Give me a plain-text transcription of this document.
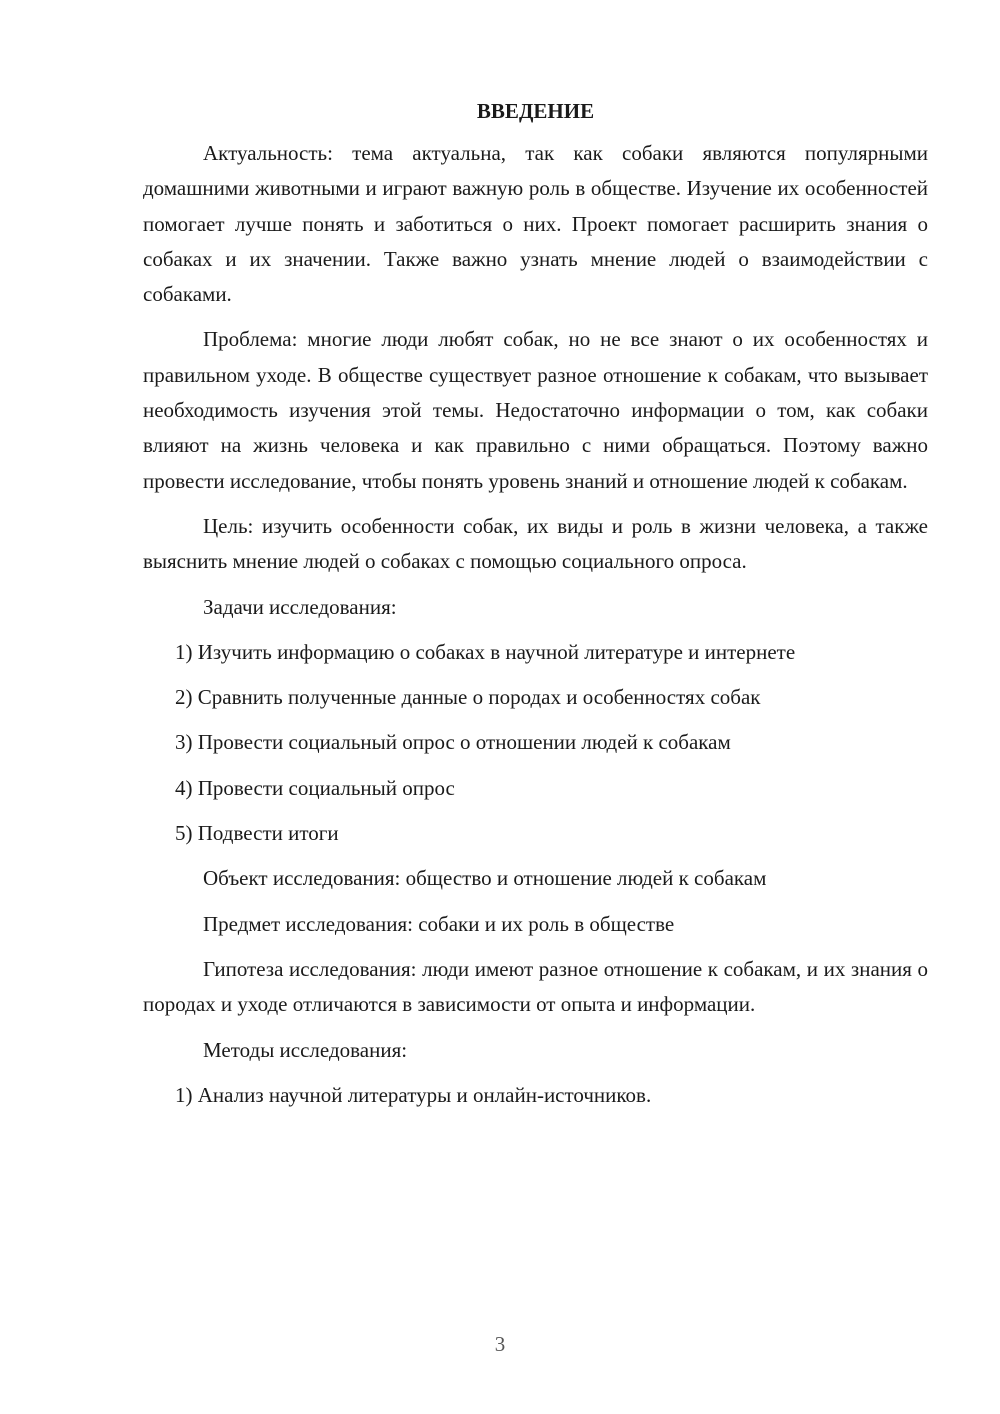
ВВЕДЕНИЕ

Актуальность: тема актуальна, так как собаки являются популярными домашними животными и играют важную роль в обществе. Изучение их особенностей помогает лучше понять и заботиться о них. Проект помогает расширить знания о собаках и их значении. Также важно узнать мнение людей о взаимодействии с собаками.

Проблема: многие люди любят собак, но не все знают о их особенностях и правильном уходе. В обществе существует разное отношение к собакам, что вызывает необходимость изучения этой темы. Недостаточно информации о том, как собаки влияют на жизнь человека и как правильно с ними обращаться. Поэтому важно провести исследование, чтобы понять уровень знаний и отношение людей к собакам.

Цель: изучить особенности собак, их виды и роль в жизни человека, а также выяснить мнение людей о собаках с помощью социального опроса.

Задачи исследования:
1) Изучить информацию о собаках в научной литературе и интернете
2) Сравнить полученные данные о породах и особенностях собак
3) Провести социальный опрос о отношении людей к собакам
4) Провести социальный опрос
5) Подвести итоги
Объект исследования: общество и отношение людей к собакам
Предмет исследования: собаки и их роль в обществе

Гипотеза исследования: люди имеют разное отношение к собакам, и их знания о породах и уходе отличаются в зависимости от опыта и информации.

Методы исследования:
1) Анализ научной литературы и онлайн-источников.
3
